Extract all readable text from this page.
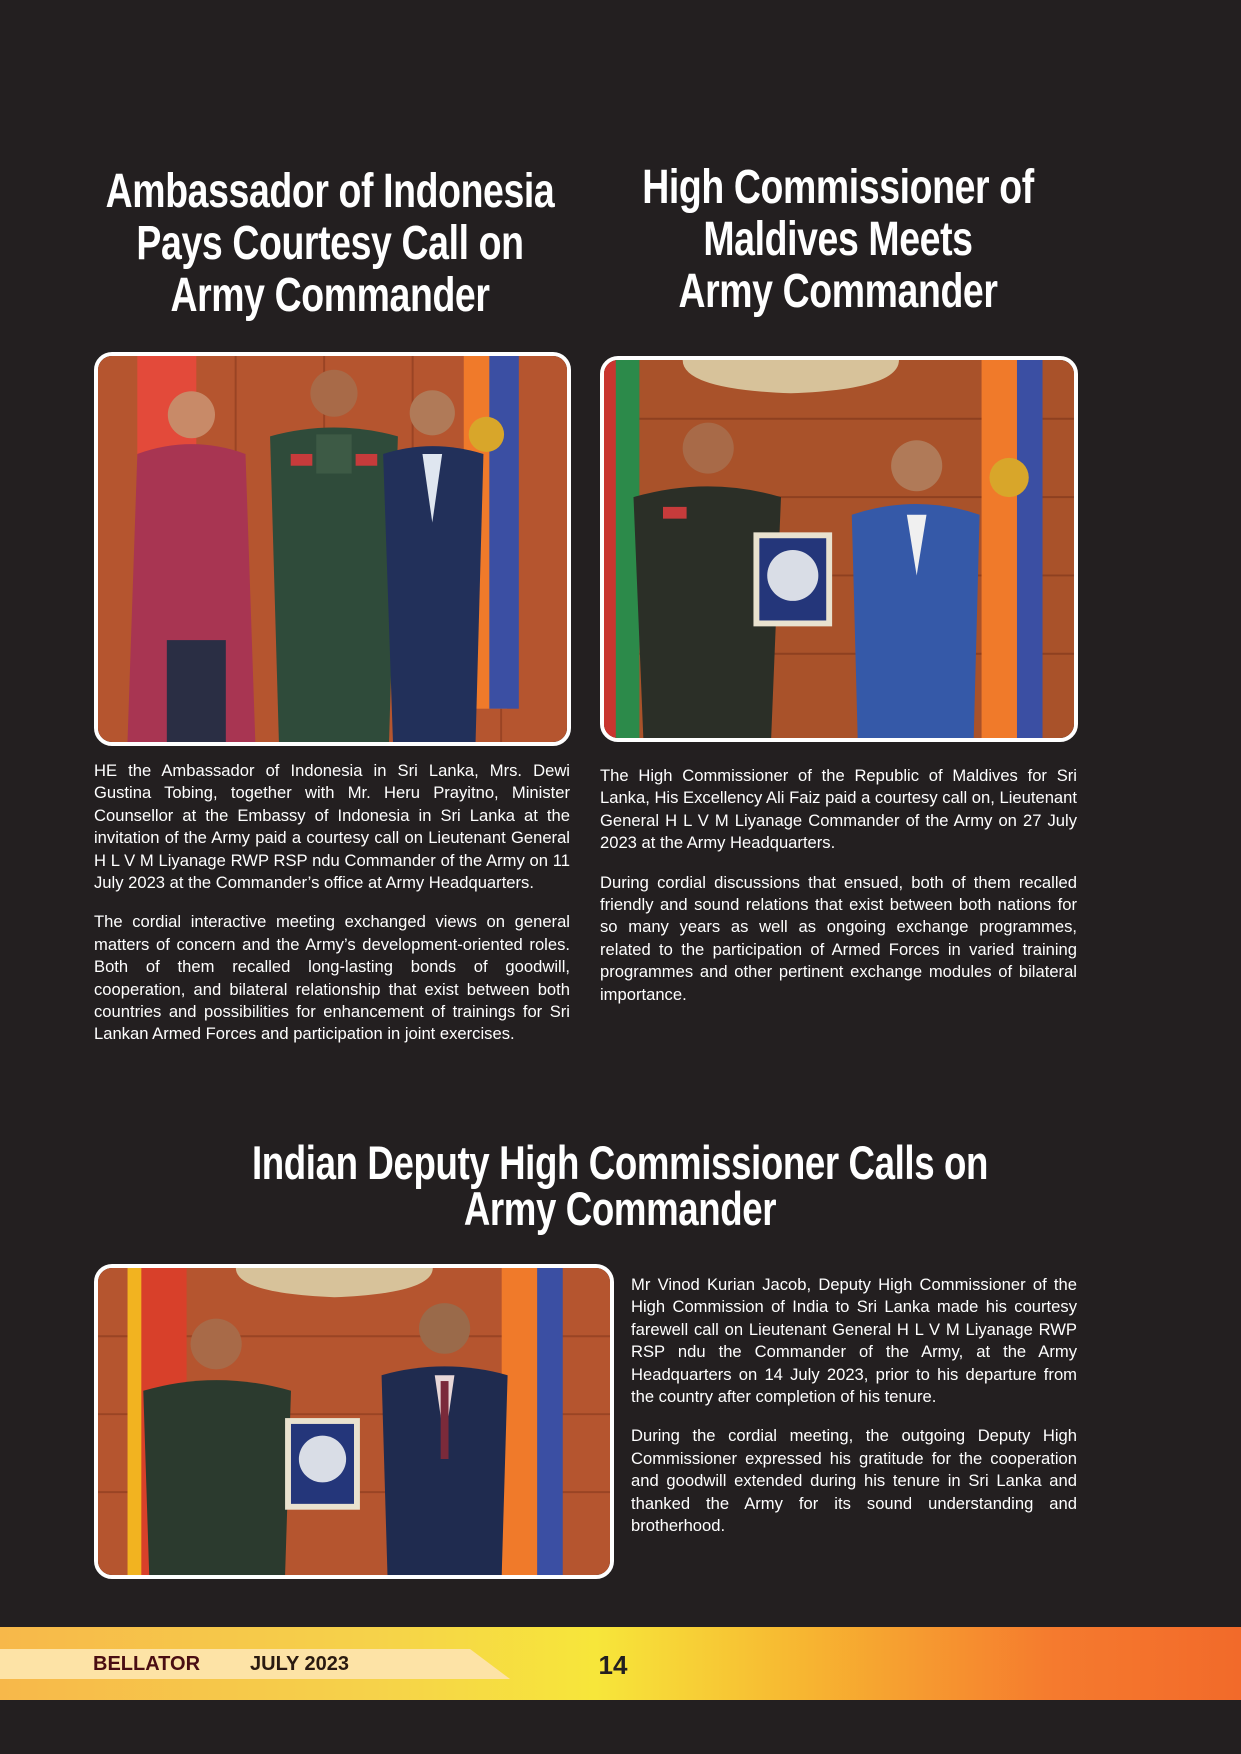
Ambassador of Indonesia
Pays Courtesy Call on
Army Commander

HE the Ambassador of Indonesia in Sri Lanka, Mrs. Dewi Gustina Tobing, together with Mr. Heru Prayitno, Minister Counsellor at the Embassy of Indonesia in Sri Lanka at the invitation of the Army paid a courtesy call on Lieutenant General H L V M Liyanage RWP RSP ndu Commander of the Army on 11 July 2023 at the Commander’s office at Army Headquarters.

The cordial interactive meeting exchanged views on general matters of concern and the Army’s development-oriented roles. Both of them recalled long-lasting bonds of goodwill, cooperation, and bilateral relationship that exist between both countries and possibilities for enhancement of trainings for Sri Lankan Armed Forces and participation in joint exercises.

High Commissioner of
Maldives Meets
Army Commander

The High Commissioner of the Republic of Maldives for Sri Lanka, His Excellency Ali Faiz paid a courtesy call on, Lieutenant General H L V M Liyanage Commander of the Army on 27 July 2023 at the Army Headquarters.

During cordial discussions that ensued, both of them recalled friendly and sound relations that exist between both nations for so many years as well as ongoing exchange programmes, related to the participation of Armed Forces in varied training programmes and other pertinent exchange modules of bilateral importance.

Indian Deputy High Commissioner Calls on
Army Commander

Mr Vinod Kurian Jacob, Deputy High Commissioner of the High Commission of India to Sri Lanka made his courtesy farewell call on Lieutenant General H L V M Liyanage RWP RSP ndu the Commander of the Army, at the Army Headquarters on 14 July 2023, prior to his departure from the country after completion of his tenure.

During the cordial meeting, the outgoing Deputy High Commissioner expressed his gratitude for the cooperation and goodwill extended during his tenure in Sri Lanka and thanked the Army for its sound understanding and brotherhood.

BELLATOR JULY 2023	14
